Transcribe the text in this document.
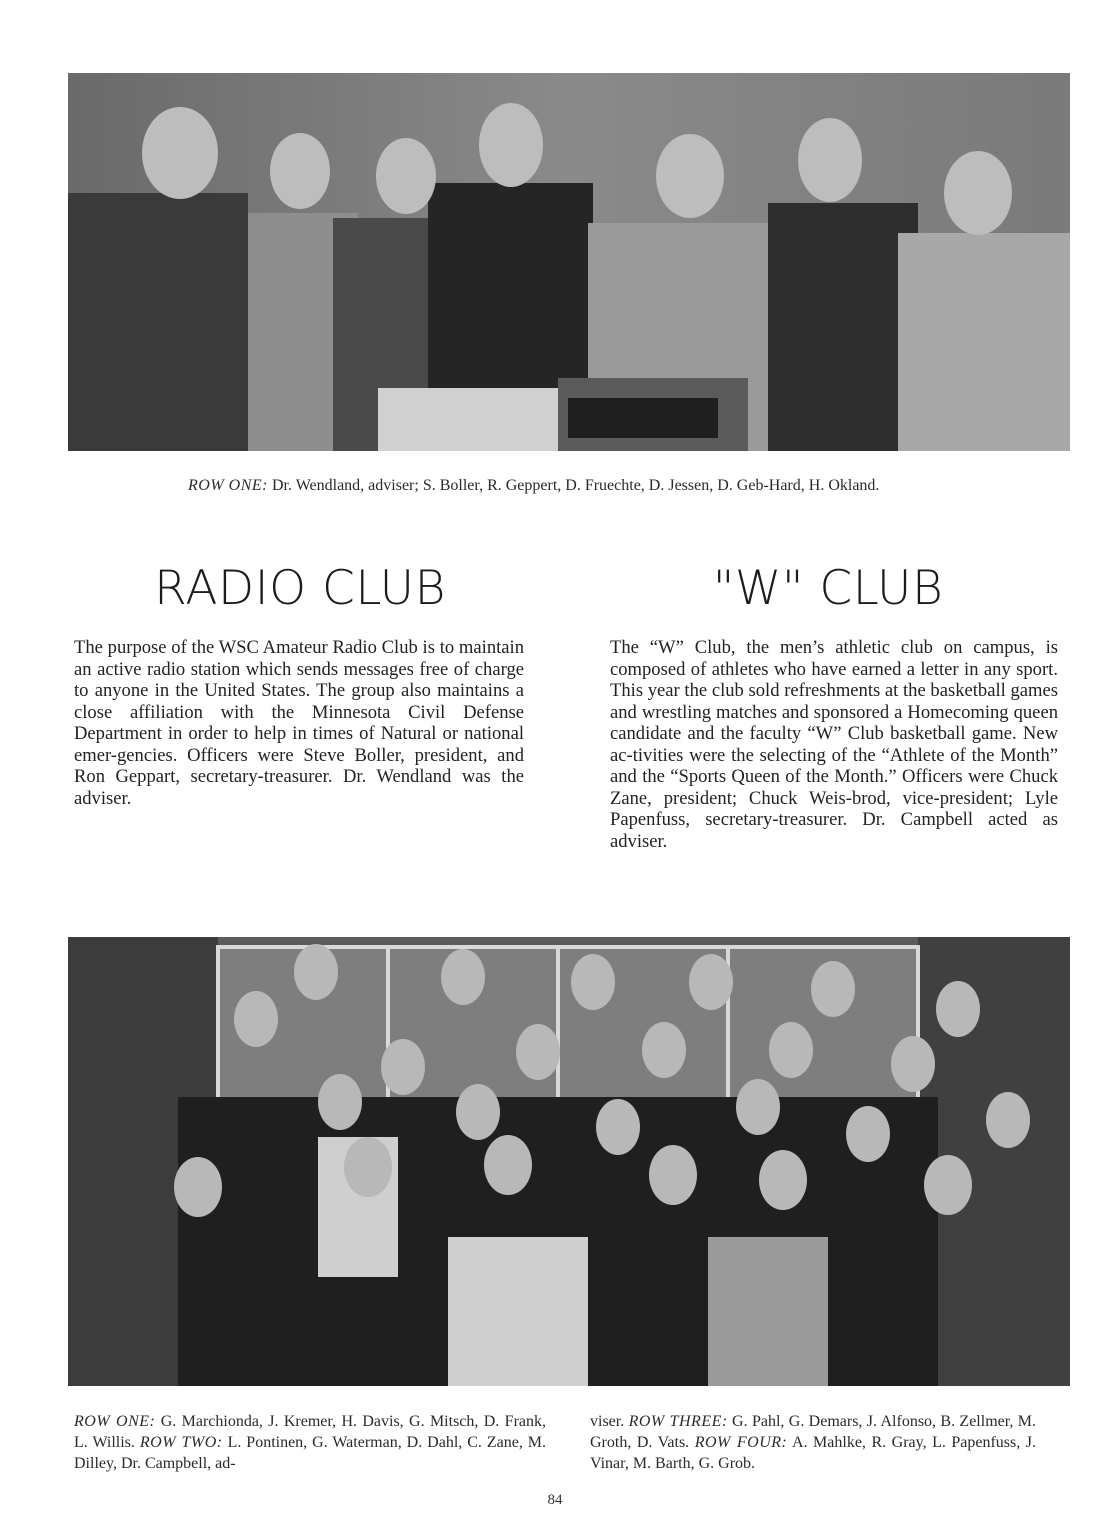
ROW ONE: Dr. Wendland, adviser; S. Boller, R. Geppert, D. Fruechte, D. Jessen, D. Geb-Hard, H. Okland.
RADIO CLUB	"W" CLUB
The purpose of the WSC Amateur Radio Club is to maintain an active radio station which sends messages free of charge to anyone in the United States. The group also maintains a close affiliation with the Minnesota Civil Defense Department in order to help in times of Natural or national emer-gencies. Officers were Steve Boller, president, and Ron Geppart, secretary-treasurer. Dr. Wendland was the adviser.
The “W” Club, the men’s athletic club on campus, is composed of athletes who have earned a letter in any sport. This year the club sold refreshments at the basketball games and wrestling matches and sponsored a Homecoming queen candidate and the faculty “W” Club basketball game. New ac-tivities were the selecting of the “Athlete of the Month” and the “Sports Queen of the Month.” Officers were Chuck Zane, president; Chuck Weis-brod, vice-president; Lyle Papenfuss, secretary-treasurer. Dr. Campbell acted as adviser.
ROW ONE: G. Marchionda, J. Kremer, H. Davis, G. Mitsch, D. Frank, L. Willis. ROW TWO: L. Pontinen, G. Waterman, D. Dahl, C. Zane, M. Dilley, Dr. Campbell, ad-
viser. ROW THREE: G. Pahl, G. Demars, J. Alfonso, B. Zellmer, M. Groth, D. Vats. ROW FOUR: A. Mahlke, R. Gray, L. Papenfuss, J. Vinar, M. Barth, G. Grob.
84
